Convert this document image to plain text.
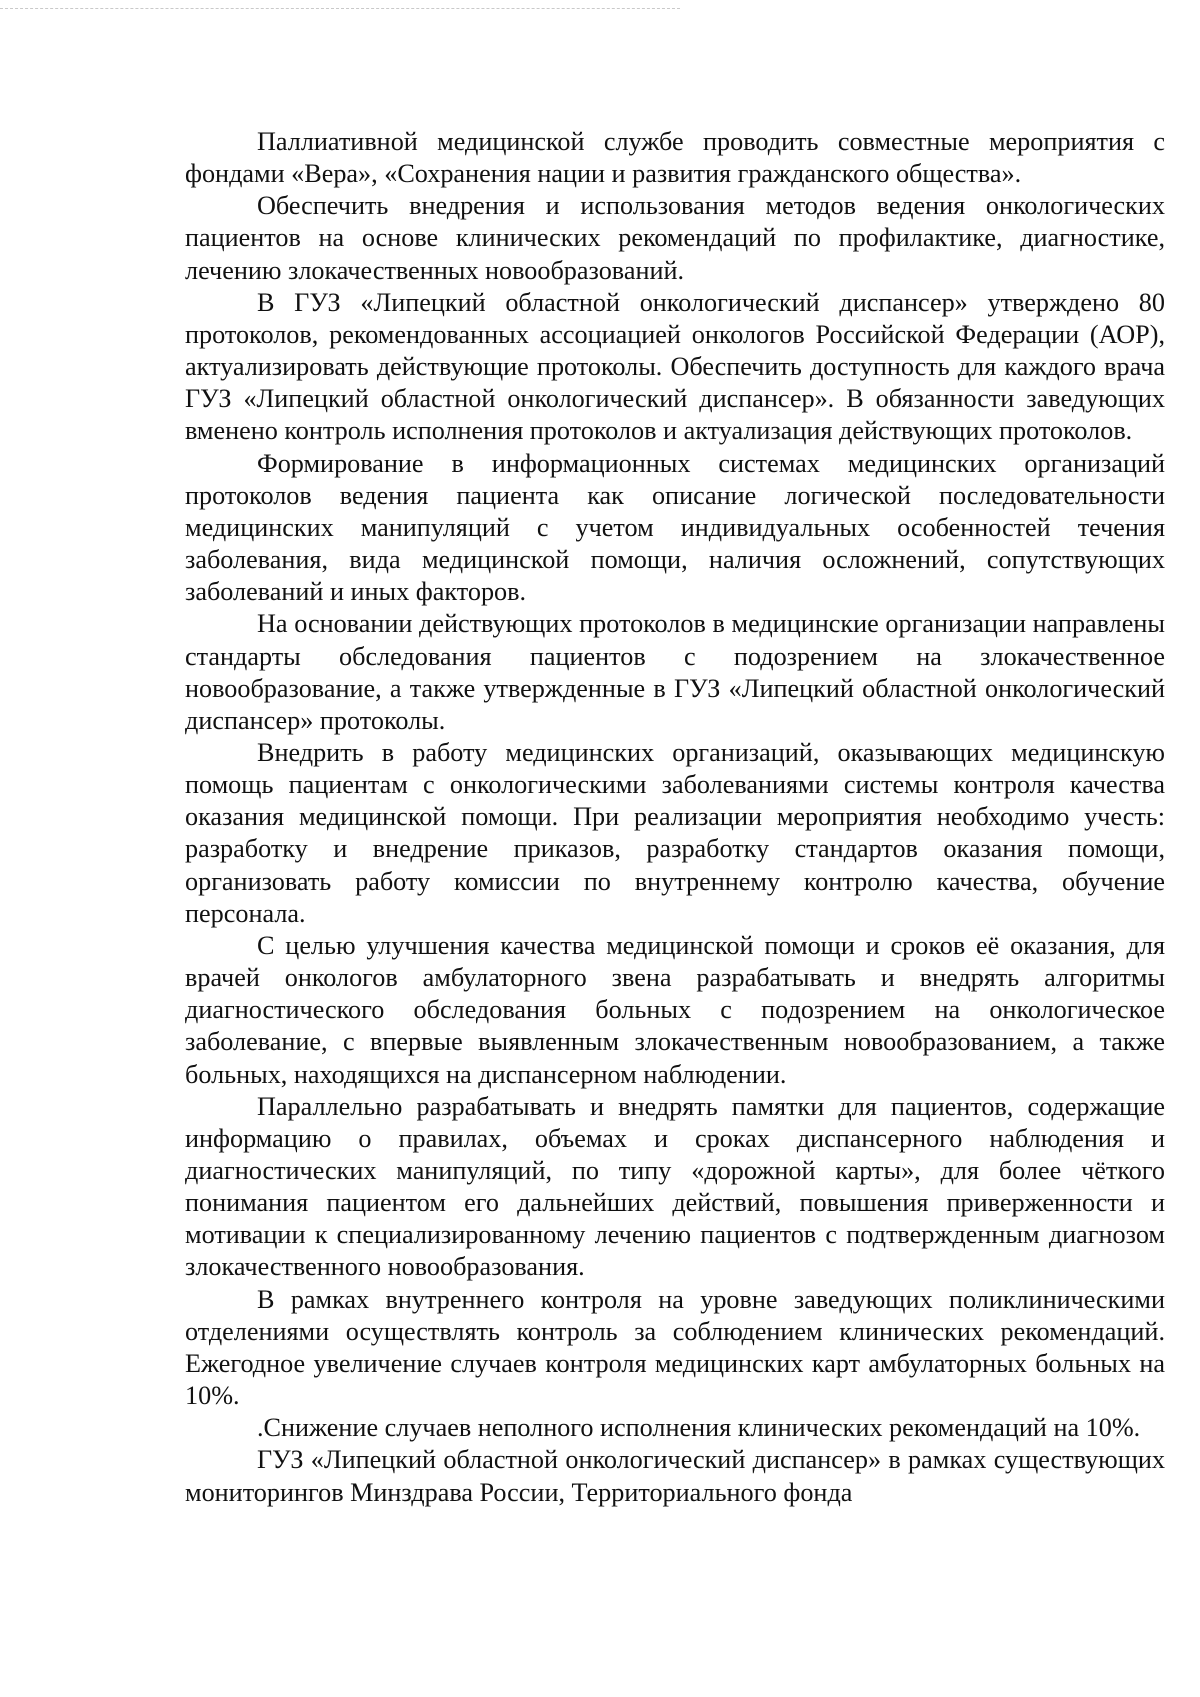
Паллиативной медицинской службе проводить совместные мероприятия с фондами «Вера», «Сохранения нации и развития гражданского общества».

Обеспечить внедрения и использования методов ведения онкологических пациентов на основе клинических рекомендаций по профилактике, диагностике, лечению злокачественных новообразований.

В ГУЗ «Липецкий областной онкологический диспансер» утверждено 80 протоколов, рекомендованных ассоциацией онкологов Российской Федерации (АОР), актуализировать действующие протоколы. Обеспечить доступность для каждого врача ГУЗ «Липецкий областной онкологический диспансер». В обязанности заведующих вменено контроль исполнения протоколов и актуализация действующих протоколов.

Формирование в информационных системах медицинских организаций протоколов ведения пациента как описание логической последовательности медицинских манипуляций с учетом индивидуальных особенностей течения заболевания, вида медицинской помощи, наличия осложнений, сопутствующих заболеваний и иных факторов.

На основании действующих протоколов в медицинские организации направлены стандарты обследования пациентов с подозрением на злокачественное новообразование, а также утвержденные в ГУЗ «Липецкий областной онкологический диспансер» протоколы.

Внедрить в работу медицинских организаций, оказывающих медицинскую помощь пациентам с онкологическими заболеваниями системы контроля качества оказания медицинской помощи. При реализации мероприятия необходимо учесть: разработку и внедрение приказов, разработку стандартов оказания помощи, организовать работу комиссии по внутреннему контролю качества, обучение персонала.

С целью улучшения качества медицинской помощи и сроков её оказания, для врачей онкологов амбулаторного звена разрабатывать и внедрять алгоритмы диагностического обследования больных с подозрением на онкологическое заболевание, с впервые выявленным злокачественным новообразованием, а также больных, находящихся на диспансерном наблюдении.

Параллельно разрабатывать и внедрять памятки для пациентов, содержащие информацию о правилах, объемах и сроках диспансерного наблюдения и диагностических манипуляций, по типу «дорожной карты», для более чёткого понимания пациентом его дальнейших действий, повышения приверженности и мотивации к специализированному лечению пациентов с подтвержденным диагнозом злокачественного новообразования.

В рамках внутреннего контроля на уровне заведующих поликлиническими отделениями осуществлять контроль за соблюдением клинических рекомендаций. Ежегодное увеличение случаев контроля медицинских карт амбулаторных больных на 10%.

.Снижение случаев неполного исполнения клинических рекомендаций на 10%.

ГУЗ «Липецкий областной онкологический диспансер» в рамках существующих мониторингов Минздрава России, Территориального фонда
